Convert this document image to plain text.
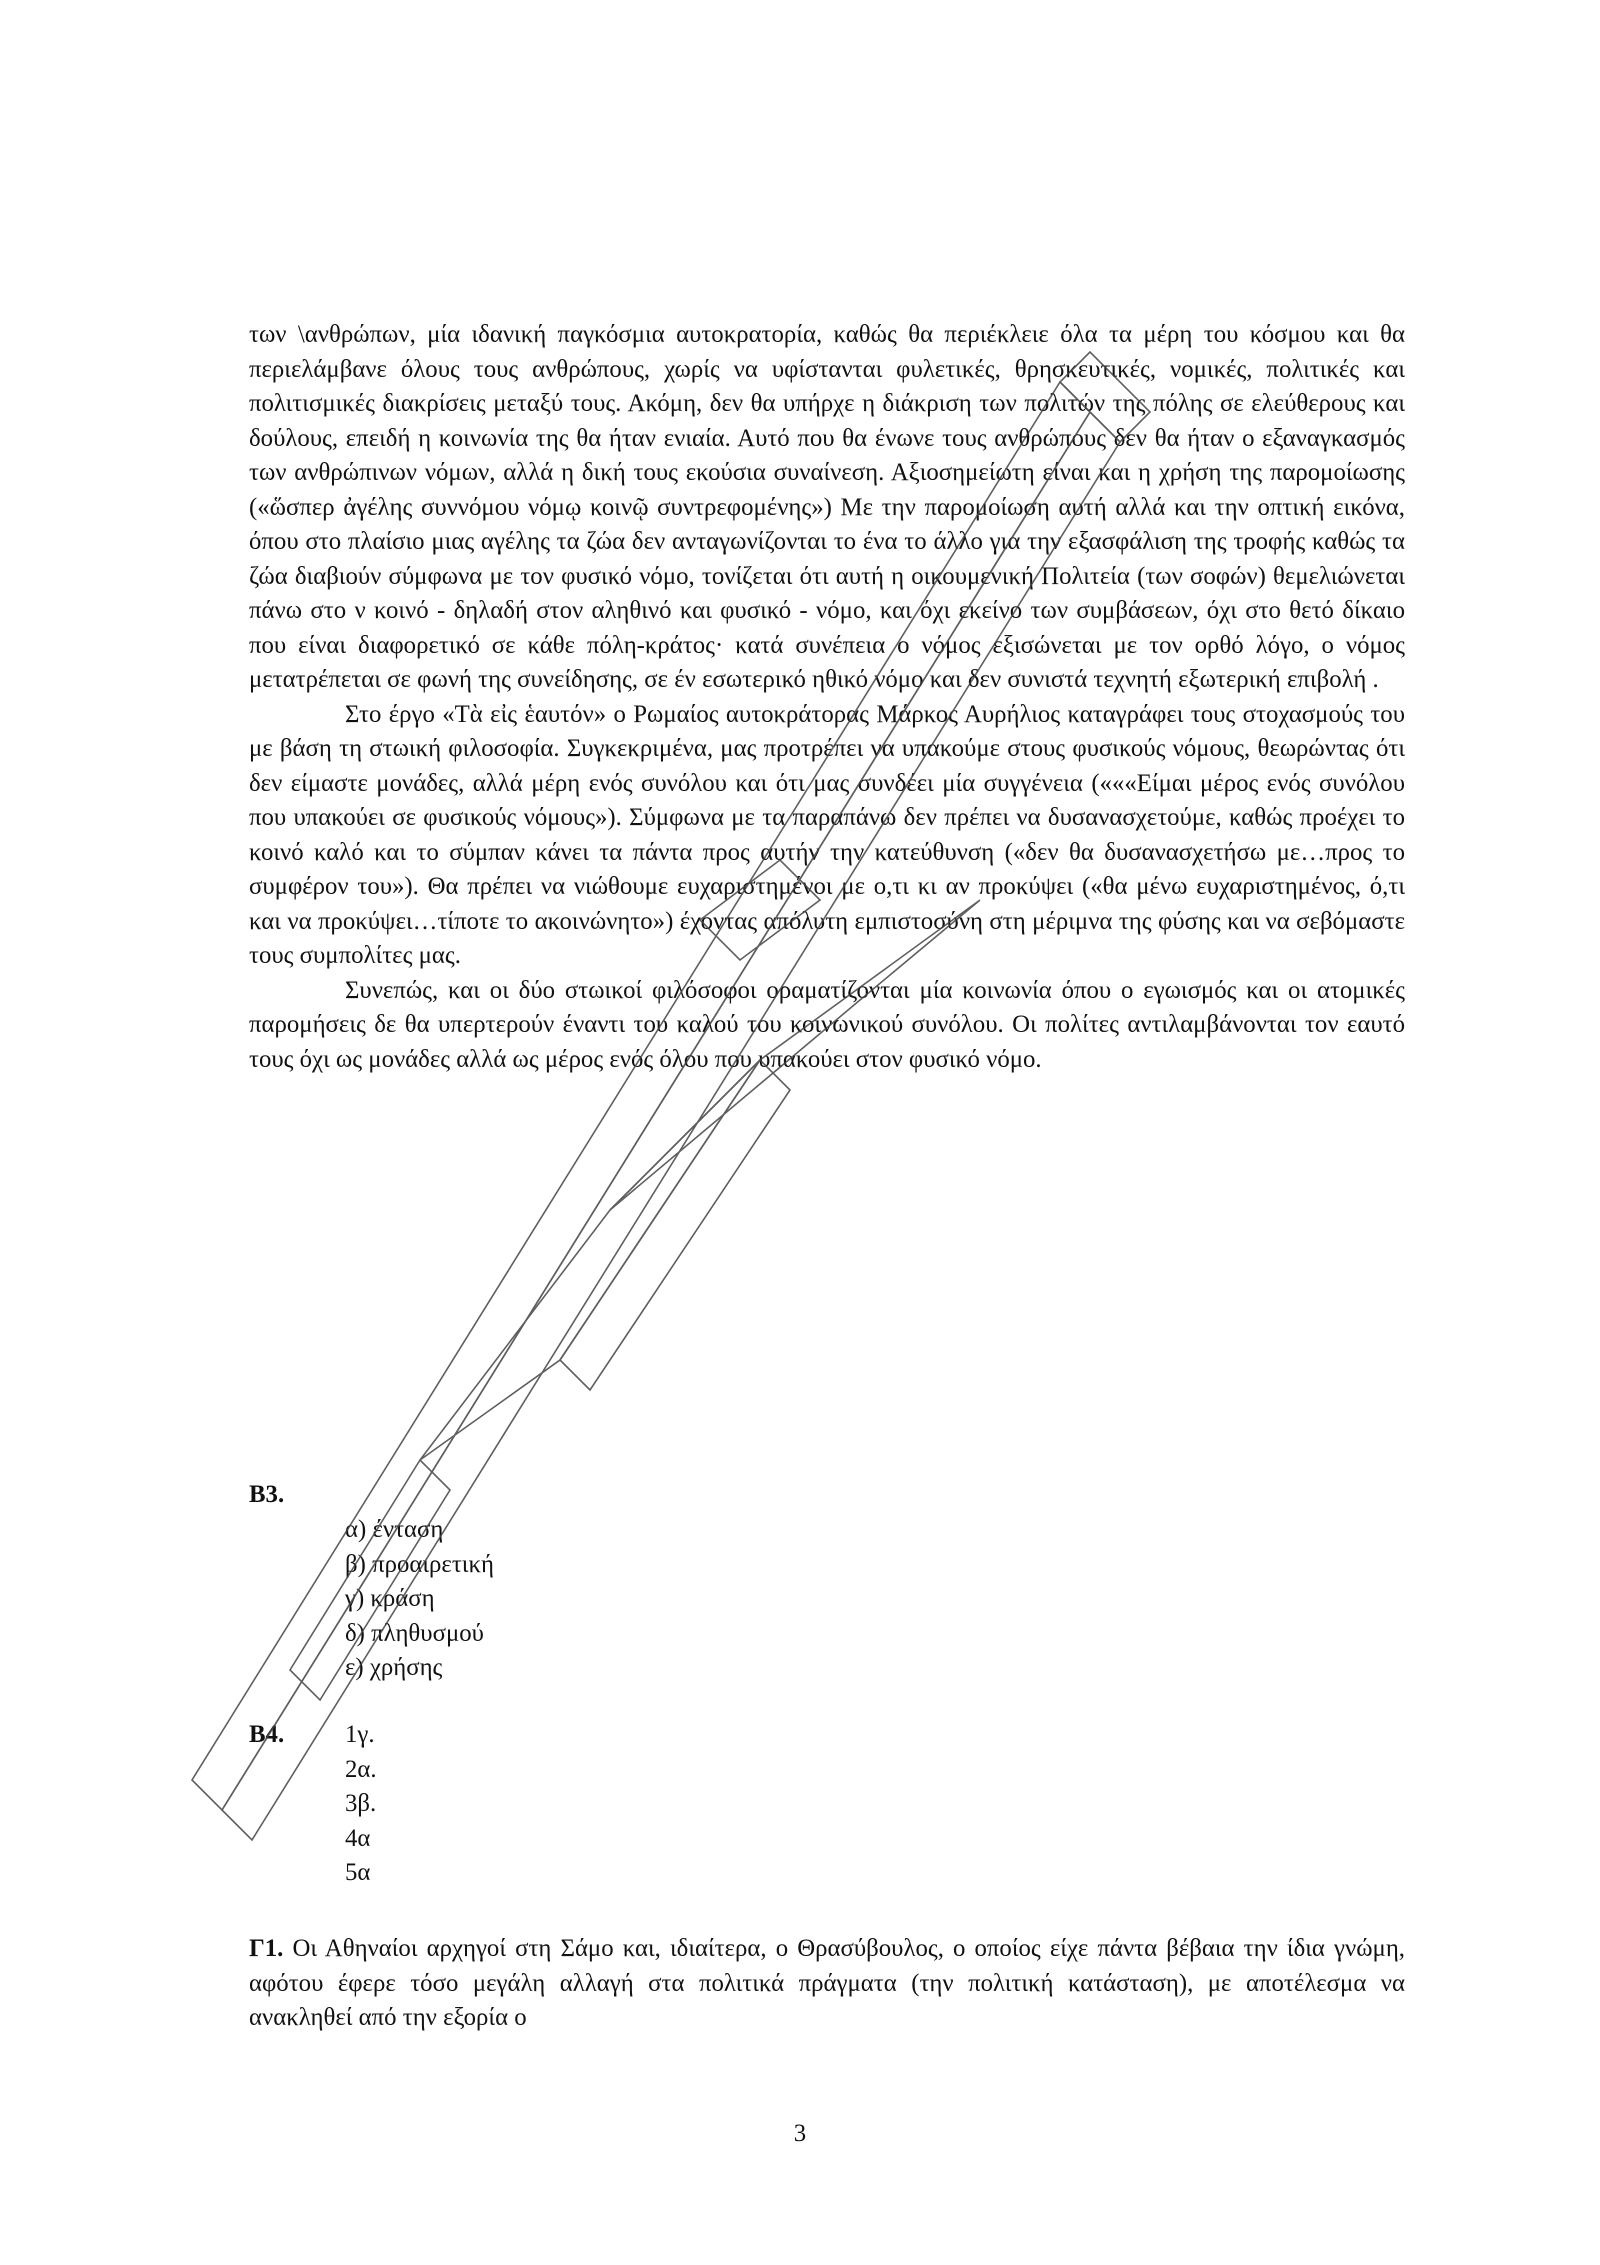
των \ανθρώπων, μία ιδανική παγκόσμια αυτοκρατορία, καθώς θα περιέκλειε όλα τα μέρη του κόσμου και θα περιελάμβανε όλους τους ανθρώπους, χωρίς να υφίστανται φυλετικές, θρησκευτικές, νομικές, πολιτικές και πολιτισμικές διακρίσεις μεταξύ τους. Ακόμη, δεν θα υπήρχε η διάκριση των πολιτών της πόλης σε ελεύθερους και δούλους, επειδή η κοινωνία της θα ήταν ενιαία. Αυτό που θα ένωνε τους ανθρώπους δεν θα ήταν ο εξαναγκασμός των ανθρώπινων νόμων, αλλά η δική τους εκούσια συναίνεση. Αξιοσημείωτη είναι και η χρήση της παρομοίωσης («ὥσπερ ἀγέλης συννόμου νόμῳ κοινῷ συντρεφομένης») Με την παρομοίωση αυτή αλλά και την οπτική εικόνα, όπου στο πλαίσιο μιας αγέλης τα ζώα δεν ανταγωνίζονται το ένα το άλλο για την εξασφάλιση της τροφής καθώς τα ζώα διαβιούν σύμφωνα με τον φυσικό νόμο, τονίζεται ότι αυτή η οικουμενική Πολιτεία (των σοφών) θεμελιώνεται πάνω στο ν κοινό - δηλαδή στον αληθινό και φυσικό - νόμο, και όχι εκείνο των συμβάσεων, όχι στο θετό δίκαιο που είναι διαφορετικό σε κάθε πόλη-κράτος· κατά συνέπεια ο νόμος εξισώνεται με τον ορθό λόγο, ο νόμος μετατρέπεται σε φωνή της συνείδησης, σε έν εσωτερικό ηθικό νόμο και δεν συνιστά τεχνητή εξωτερική επιβολή .

Στο έργο «Tὰ εἰς ἑαυτόν» ο Ρωμαίος αυτοκράτορας Μάρκος Αυρήλιος καταγράφει τους στοχασμούς του με βάση τη στωική φιλοσοφία. Συγκεκριμένα, μας προτρέπει να υπακούμε στους φυσικούς νόμους, θεωρώντας ότι δεν είμαστε μονάδες, αλλά μέρη ενός συνόλου και ότι μας συνδέει μία συγγένεια («««Είμαι μέρος ενός συνόλου που υπακούει σε φυσικούς νόμους»). Σύμφωνα με τα παραπάνω δεν πρέπει να δυσανασχετούμε, καθώς προέχει το κοινό καλό και το σύμπαν κάνει τα πάντα προς αυτήν την κατεύθυνση («δεν θα δυσανασχετήσω με…προς το συμφέρον του»). Θα πρέπει να νιώθουμε ευχαριστημένοι με ο,τι κι αν προκύψει («θα μένω ευχαριστημένος, ό,τι και να προκύψει…τίποτε το ακοινώνητο») έχοντας απόλυτη εμπιστοσύνη στη μέριμνα της φύσης και να σεβόμαστε τους συμπολίτες μας.

Συνεπώς, και οι δύο στωικοί φιλόσοφοι οραματίζονται μία κοινωνία όπου ο εγωισμός και οι ατομικές παρομήσεις δε θα υπερτερούν έναντι του καλού του κοινωνικού συνόλου. Οι πολίτες αντιλαμβάνονται τον εαυτό τους όχι ως μονάδες αλλά ως μέρος ενός όλου που υπακούει στον φυσικό νόμο.

Β3.
α) ένταση
β) προαιρετική
γ) κράση
δ) πληθυσμού
ε) χρήσης
Β4. 1γ.
2α.
3β.
4α
5α

Γ1. Οι Αθηναίοι αρχηγοί στη Σάμο και, ιδιαίτερα, ο Θρασύβουλος, ο οποίος είχε πάντα βέβαια την ίδια γνώμη, αφότου έφερε τόσο μεγάλη αλλαγή στα πολιτικά πράγματα (την πολιτική κατάσταση), με αποτέλεσμα να ανακληθεί από την εξορία ο

3
